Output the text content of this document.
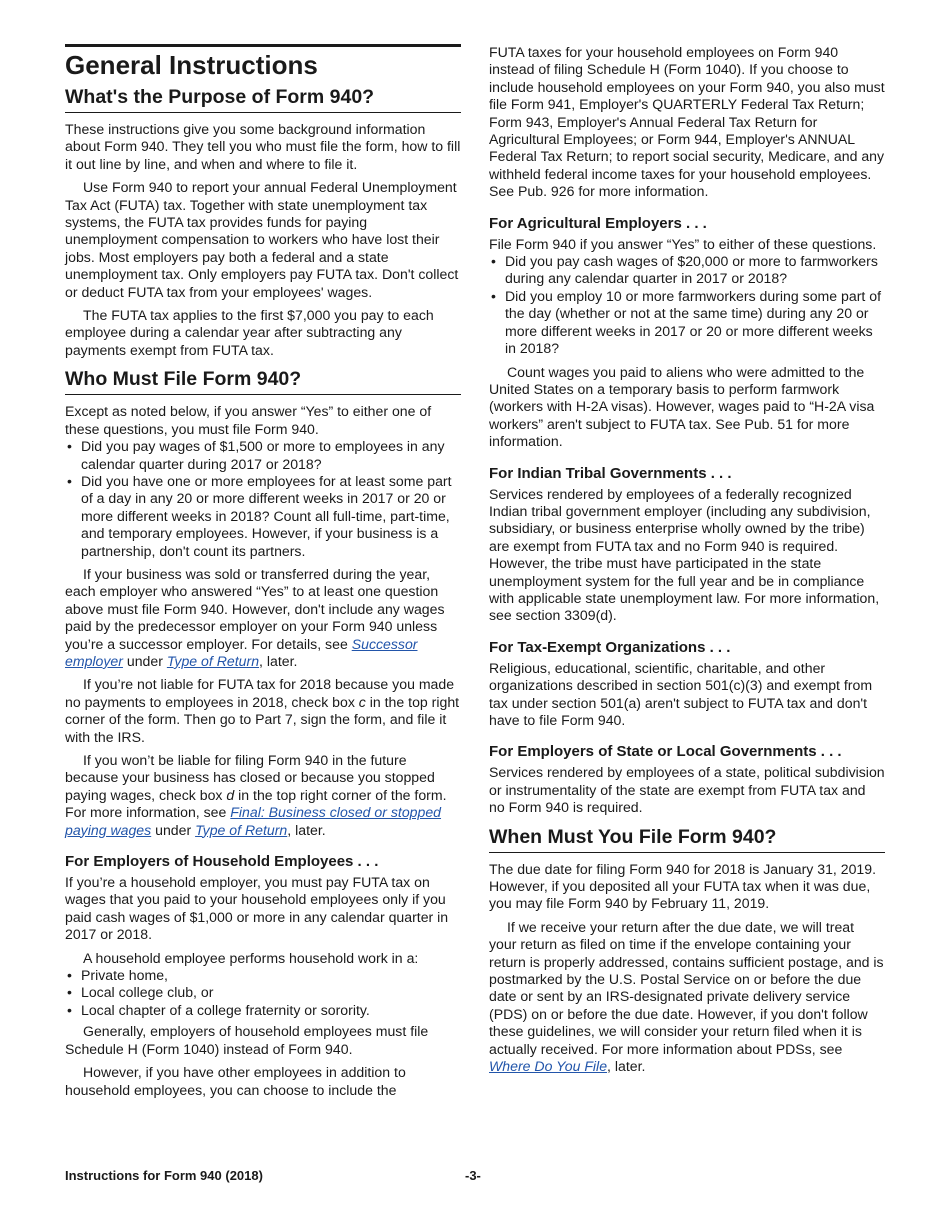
General Instructions
What's the Purpose of Form 940?

These instructions give you some background information about Form 940. They tell you who must file the form, how to fill it out line by line, and when and where to file it.

Use Form 940 to report your annual Federal Unemployment Tax Act (FUTA) tax. Together with state unemployment tax systems, the FUTA tax provides funds for paying unemployment compensation to workers who have lost their jobs. Most employers pay both a federal and a state unemployment tax. Only employers pay FUTA tax. Don't collect or deduct FUTA tax from your employees' wages.

The FUTA tax applies to the first $7,000 you pay to each employee during a calendar year after subtracting any payments exempt from FUTA tax.

Who Must File Form 940?

Except as noted below, if you answer “Yes” to either one of these questions, you must file Form 940.

• Did you pay wages of $1,500 or more to employees in any calendar quarter during 2017 or 2018?
• Did you have one or more employees for at least some part of a day in any 20 or more different weeks in 2017 or 20 or more different weeks in 2018? Count all full-time, part-time, and temporary employees. However, if your business is a partnership, don't count its partners.

If your business was sold or transferred during the year, each employer who answered “Yes” to at least one question above must file Form 940. However, don't include any wages paid by the predecessor employer on your Form 940 unless you’re a successor employer. For details, see Successor employer under Type of Return, later.

If you’re not liable for FUTA tax for 2018 because you made no payments to employees in 2018, check box c in the top right corner of the form. Then go to Part 7, sign the form, and file it with the IRS.

If you won’t be liable for filing Form 940 in the future because your business has closed or because you stopped paying wages, check box d in the top right corner of the form. For more information, see Final: Business closed or stopped paying wages under Type of Return, later.

For Employers of Household Employees . . .

If you’re a household employer, you must pay FUTA tax on wages that you paid to your household employees only if you paid cash wages of $1,000 or more in any calendar quarter in 2017 or 2018.

A household employee performs household work in a:

• Private home,
• Local college club, or
• Local chapter of a college fraternity or sorority.

Generally, employers of household employees must file Schedule H (Form 1040) instead of Form 940.

However, if you have other employees in addition to household employees, you can choose to include the

FUTA taxes for your household employees on Form 940 instead of filing Schedule H (Form 1040). If you choose to include household employees on your Form 940, you also must file Form 941, Employer's QUARTERLY Federal Tax Return; Form 943, Employer's Annual Federal Tax Return for Agricultural Employees; or Form 944, Employer's ANNUAL Federal Tax Return; to report social security, Medicare, and any withheld federal income taxes for your household employees. See Pub. 926 for more information.

For Agricultural Employers . . .

File Form 940 if you answer “Yes” to either of these questions.

• Did you pay cash wages of $20,000 or more to farmworkers during any calendar quarter in 2017 or 2018?
• Did you employ 10 or more farmworkers during some part of the day (whether or not at the same time) during any 20 or more different weeks in 2017 or 20 or more different weeks in 2018?

Count wages you paid to aliens who were admitted to the United States on a temporary basis to perform farmwork (workers with H-2A visas). However, wages paid to “H-2A visa workers” aren't subject to FUTA tax. See Pub. 51 for more information.

For Indian Tribal Governments . . .

Services rendered by employees of a federally recognized Indian tribal government employer (including any subdivision, subsidiary, or business enterprise wholly owned by the tribe) are exempt from FUTA tax and no Form 940 is required. However, the tribe must have participated in the state unemployment system for the full year and be in compliance with applicable state unemployment law. For more information, see section 3309(d).

For Tax-Exempt Organizations . . .

Religious, educational, scientific, charitable, and other organizations described in section 501(c)(3) and exempt from tax under section 501(a) aren't subject to FUTA tax and don't have to file Form 940.

For Employers of State or Local Governments . . .

Services rendered by employees of a state, political subdivision or instrumentality of the state are exempt from FUTA tax and no Form 940 is required.

When Must You File Form 940?

The due date for filing Form 940 for 2018 is January 31, 2019. However, if you deposited all your FUTA tax when it was due, you may file Form 940 by February 11, 2019.

If we receive your return after the due date, we will treat your return as filed on time if the envelope containing your return is properly addressed, contains sufficient postage, and is postmarked by the U.S. Postal Service on or before the due date or sent by an IRS-designated private delivery service (PDS) on or before the due date. However, if you don't follow these guidelines, we will consider your return filed when it is actually received. For more information about PDSs, see Where Do You File, later.

Instructions for Form 940 (2018)	-3-
